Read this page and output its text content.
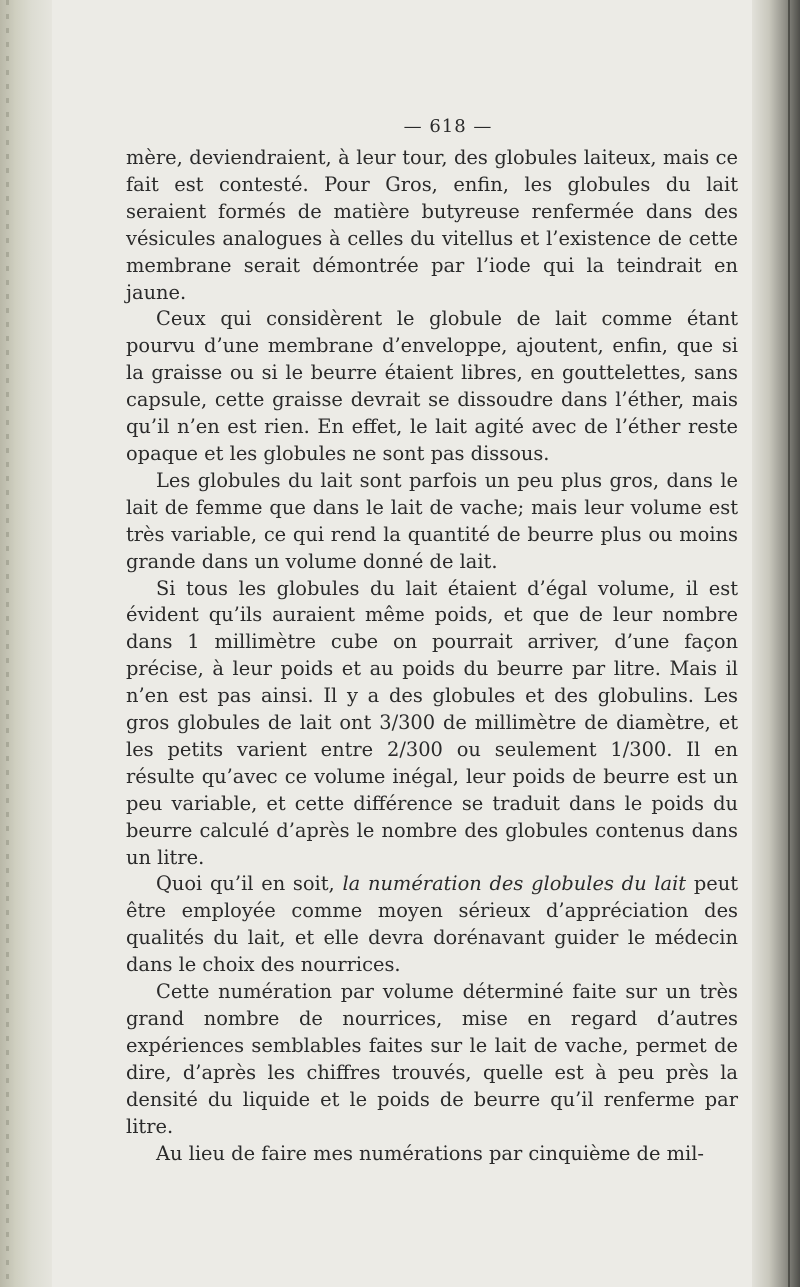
— 618 —

mère, deviendraient, à leur tour, des globules laiteux, mais ce fait est contesté. Pour Gros, enfin, les globules du lait seraient formés de matière butyreuse renfermée dans des vésicules analogues à celles du vitellus et l’existence de cette membrane serait démontrée par l’iode qui la teindrait en jaune.

Ceux qui considèrent le globule de lait comme étant pourvu d’une membrane d’enveloppe, ajoutent, enfin, que si la graisse ou si le beurre étaient libres, en gouttelettes, sans capsule, cette graisse devrait se dissoudre dans l’éther, mais qu’il n’en est rien. En effet, le lait agité avec de l’éther reste opaque et les globules ne sont pas dissous.

Les globules du lait sont parfois un peu plus gros, dans le lait de femme que dans le lait de vache; mais leur volume est très variable, ce qui rend la quantité de beurre plus ou moins grande dans un volume donné de lait.

Si tous les globules du lait étaient d’égal volume, il est évident qu’ils auraient même poids, et que de leur nombre dans 1 millimètre cube on pourrait arriver, d’une façon précise, à leur poids et au poids du beurre par litre. Mais il n’en est pas ainsi. Il y a des globules et des globulins. Les gros globules de lait ont 3/300 de millimètre de diamètre, et les petits varient entre 2/300 ou seulement 1/300. Il en résulte qu’avec ce volume inégal, leur poids de beurre est un peu variable, et cette différence se traduit dans le poids du beurre calculé d’après le nombre des globules contenus dans un litre.

Quoi qu’il en soit, la numération des globules du lait peut être employée comme moyen sérieux d’appréciation des qualités du lait, et elle devra dorénavant guider le médecin dans le choix des nourrices.

Cette numération par volume déterminé faite sur un très grand nombre de nourrices, mise en regard d’autres expériences semblables faites sur le lait de vache, permet de dire, d’après les chiffres trouvés, quelle est à peu près la densité du liquide et le poids de beurre qu’il renferme par litre.

Au lieu de faire mes numérations par cinquième de mil-
